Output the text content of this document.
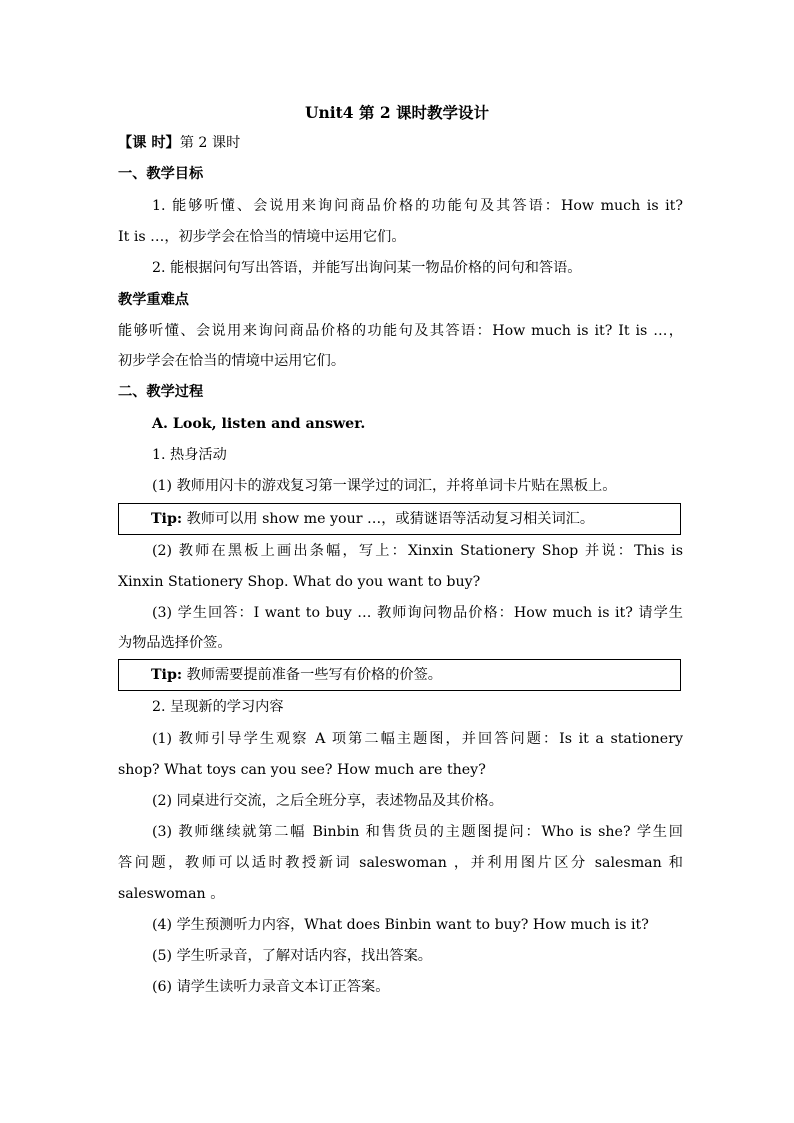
Unit4 第 2 课时教学设计
【课 时】第 2 课时
一、教学目标
1. 能够听懂、会说用来询问商品价格的功能句及其答语：How much is it?
It is …，初步学会在恰当的情境中运用它们。
2. 能根据问句写出答语，并能写出询问某一物品价格的问句和答语。
教学重难点
能够听懂、会说用来询问商品价格的功能句及其答语：How much is it? It is …，
初步学会在恰当的情境中运用它们。
二、教学过程
A. Look, listen and answer.
1. 热身活动
(1) 教师用闪卡的游戏复习第一课学过的词汇，并将单词卡片贴在黑板上。
Tip: 教师可以用 show me your …，或猜谜语等活动复习相关词汇。
(2) 教师在黑板上画出条幅，写上：Xinxin Stationery Shop 并说：This is
Xinxin Stationery Shop. What do you want to buy?
(3) 学生回答：I want to buy … 教师询问物品价格：How much is it? 请学生
为物品选择价签。
Tip: 教师需要提前准备一些写有价格的价签。
2. 呈现新的学习内容
(1) 教师引导学生观察 A 项第二幅主题图，并回答问题：Is it a stationery
shop? What toys can you see? How much are they?
(2) 同桌进行交流，之后全班分享，表述物品及其价格。
(3) 教师继续就第二幅 Binbin 和售货员的主题图提问：Who is she? 学生回
答问题，教师可以适时教授新词 saleswoman ，并利用图片区分 salesman 和
saleswoman 。
(4) 学生预测听力内容，What does Binbin want to buy? How much is it?
(5) 学生听录音，了解对话内容，找出答案。
(6) 请学生读听力录音文本订正答案。
